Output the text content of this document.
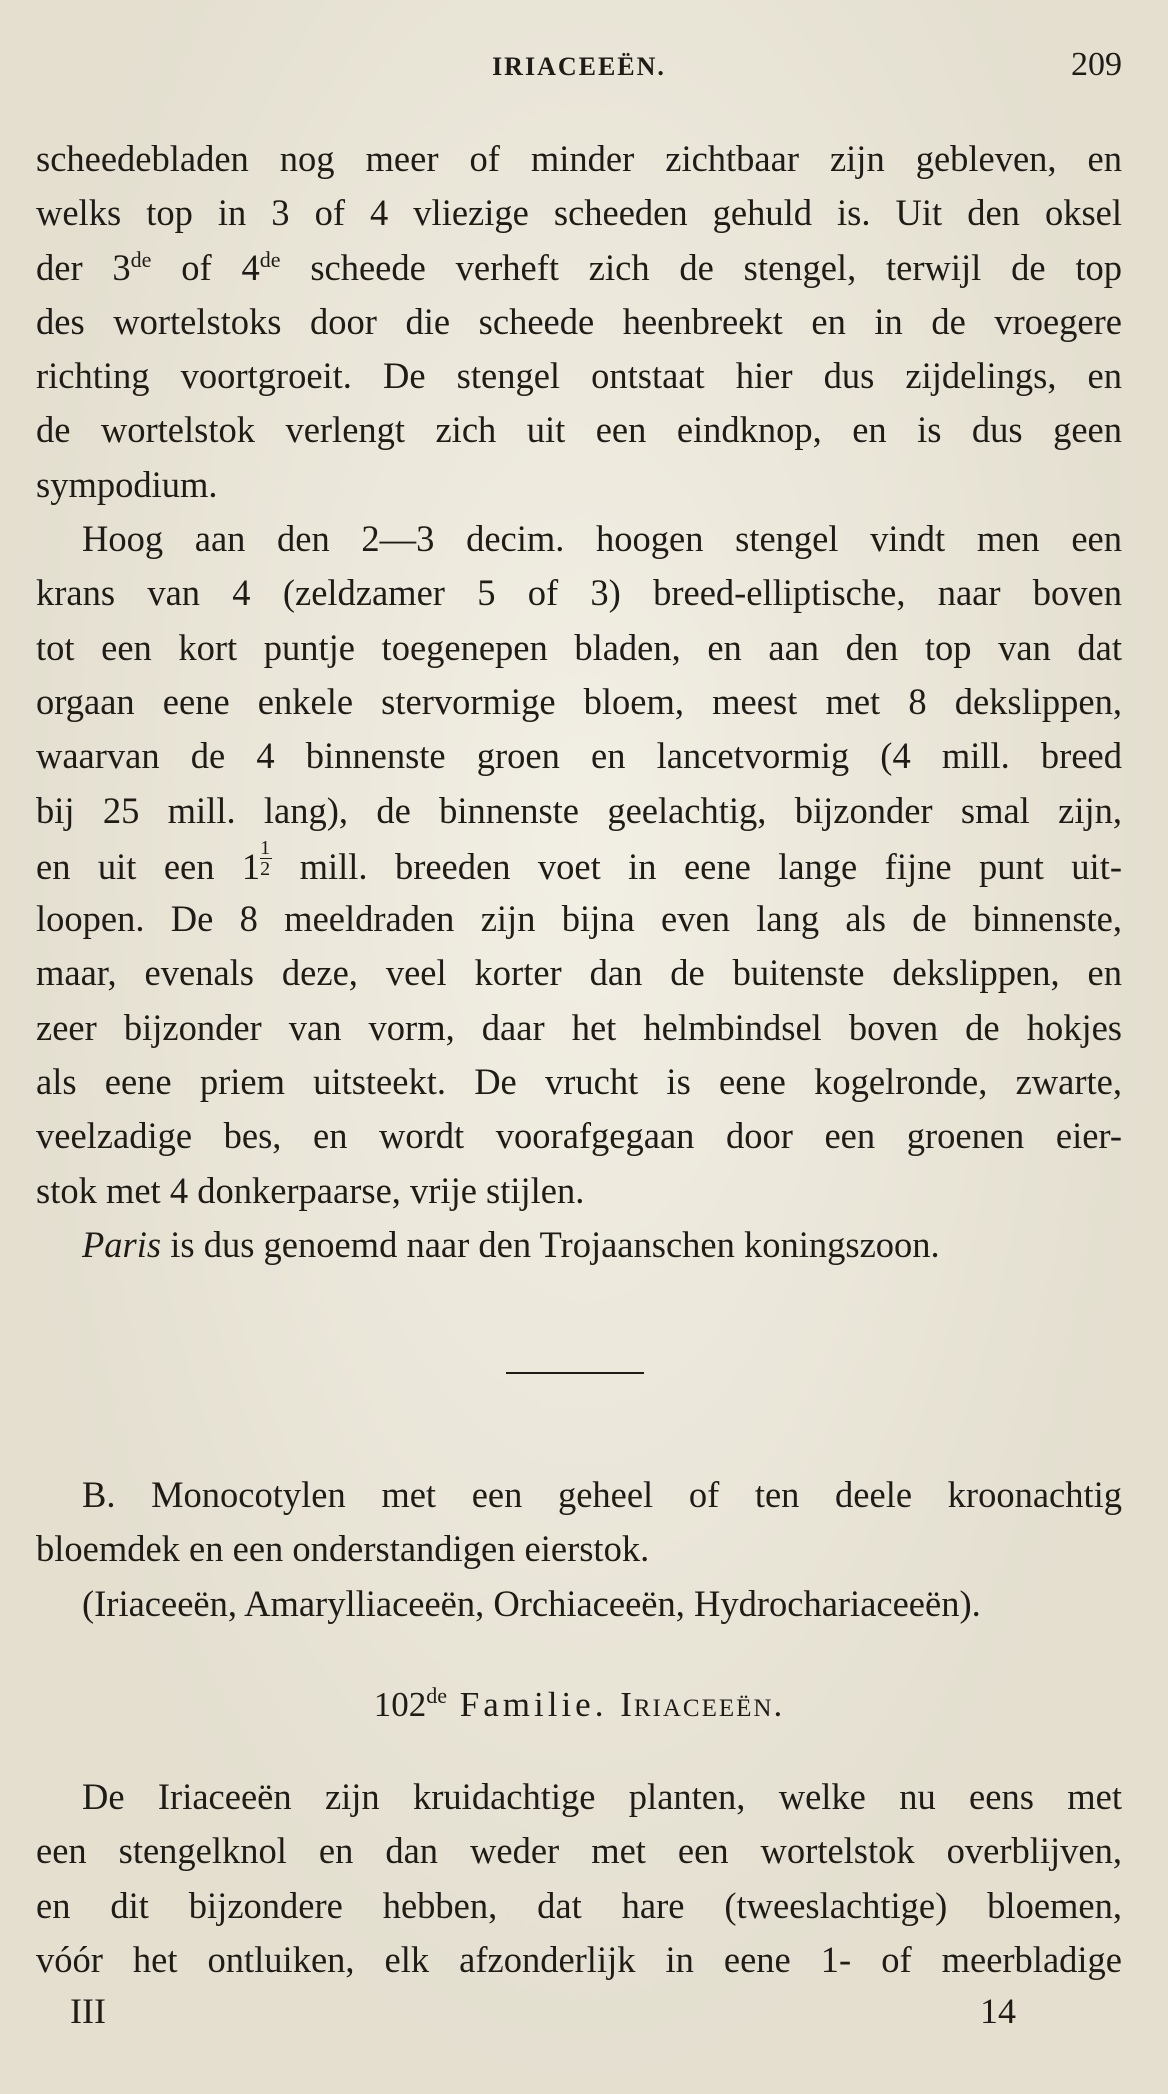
IRIACEEËN.	209
scheedebladen nog meer of minder zichtbaar zijn gebleven, en
welks top in 3 of 4 vliezige scheeden gehuld is. Uit den oksel
der 3de of 4de scheede verheft zich de stengel, terwijl de top
des wortelstoks door die scheede heenbreekt en in de vroegere
richting voortgroeit. De stengel ontstaat hier dus zijdelings, en
de wortelstok verlengt zich uit een eindknop, en is dus geen
sympodium.
Hoog aan den 2—3 decim. hoogen stengel vindt men een
krans van 4 (zeldzamer 5 of 3) breed-elliptische, naar boven
tot een kort puntje toegenepen bladen, en aan den top van dat
orgaan eene enkele stervormige bloem, meest met 8 dekslippen,
waarvan de 4 binnenste groen en lancetvormig (4 mill. breed
bij 25 mill. lang), de binnenste geelachtig, bijzonder smal zijn,
en uit een $1 \frac{1}{2}$ mill. breeden voet in eene lange fijne punt uit-
loopen. De 8 meeldraden zijn bijna even lang als de binnenste,
maar, evenals deze, veel korter dan de buitenste dekslippen, en
zeer bijzonder van vorm, daar het helmbindsel boven de hokjes
als eene priem uitsteekt. De vrucht is eene kogelronde, zwarte,
veelzadige bes, en wordt voorafgegaan door een groenen eier-
stok met 4 donkerpaarse, vrije stijlen.
Paris is dus genoemd naar den Trojaanschen koningszoon.
B. Monocotylen met een geheel of ten deele kroonachtig
bloemdek en een onderstandigen eierstok.
(Iriaceeën, Amaryllіaceeën, Orchiaceeën, Hydrochariaceeën).
102de Familie. Iriaceeën.
De Iriaceeën zijn kruidachtige planten, welke nu eens met
een stengelknol en dan weder met een wortelstok overblijven,
en dit bijzondere hebben, dat hare (tweeslachtige) bloemen,
vóór het ontluiken, elk afzonderlijk in eene 1- of meerbladige
III	14
